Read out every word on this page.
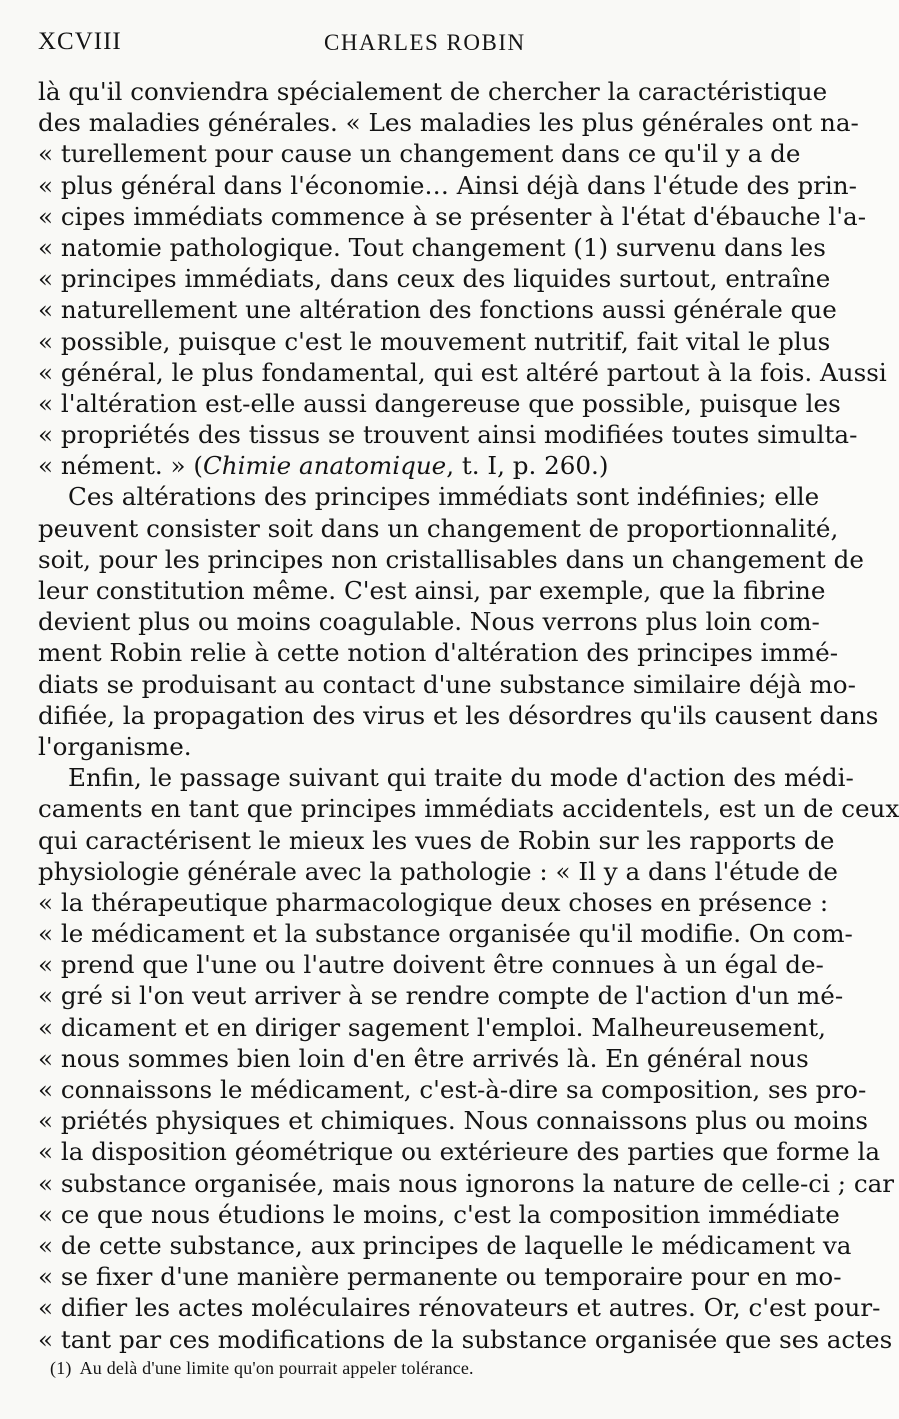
XCVIII	CHARLES ROBIN
là qu'il conviendra spécialement de chercher la caractéristique
des maladies générales. « Les maladies les plus générales ont na-
« turellement pour cause un changement dans ce qu'il y a de
« plus général dans l'économie… Ainsi déjà dans l'étude des prin-
« cipes immédiats commence à se présenter à l'état d'ébauche l'a-
« natomie pathologique. Tout changement (1) survenu dans les
« principes immédiats, dans ceux des liquides surtout, entraîne
« naturellement une altération des fonctions aussi générale que
« possible, puisque c'est le mouvement nutritif, fait vital le plus
« général, le plus fondamental, qui est altéré partout à la fois. Aussi
« l'altération est-elle aussi dangereuse que possible, puisque les
« propriétés des tissus se trouvent ainsi modifiées toutes simulta-
« nément. » (Chimie anatomique, t. I, p. 260.)
Ces altérations des principes immédiats sont indéfinies; elle
peuvent consister soit dans un changement de proportionnalité,
soit, pour les principes non cristallisables dans un changement de
leur constitution même. C'est ainsi, par exemple, que la fibrine
devient plus ou moins coagulable. Nous verrons plus loin com-
ment Robin relie à cette notion d'altération des principes immé-
diats se produisant au contact d'une substance similaire déjà mo-
difiée, la propagation des virus et les désordres qu'ils causent dans
l'organisme.
Enfin, le passage suivant qui traite du mode d'action des médi-
caments en tant que principes immédiats accidentels, est un de ceux
qui caractérisent le mieux les vues de Robin sur les rapports de
physiologie générale avec la pathologie : « Il y a dans l'étude de
« la thérapeutique pharmacologique deux choses en présence :
« le médicament et la substance organisée qu'il modifie. On com-
« prend que l'une ou l'autre doivent être connues à un égal de-
« gré si l'on veut arriver à se rendre compte de l'action d'un mé-
« dicament et en diriger sagement l'emploi. Malheureusement,
« nous sommes bien loin d'en être arrivés là. En général nous
« connaissons le médicament, c'est-à-dire sa composition, ses pro-
« priétés physiques et chimiques. Nous connaissons plus ou moins
« la disposition géométrique ou extérieure des parties que forme la
« substance organisée, mais nous ignorons la nature de celle-ci ; car
« ce que nous étudions le moins, c'est la composition immédiate
« de cette substance, aux principes de laquelle le médicament va
« se fixer d'une manière permanente ou temporaire pour en mo-
« difier les actes moléculaires rénovateurs et autres. Or, c'est pour-
« tant par ces modifications de la substance organisée que ses actes
(1) Au delà d'une limite qu'on pourrait appeler tolérance.
